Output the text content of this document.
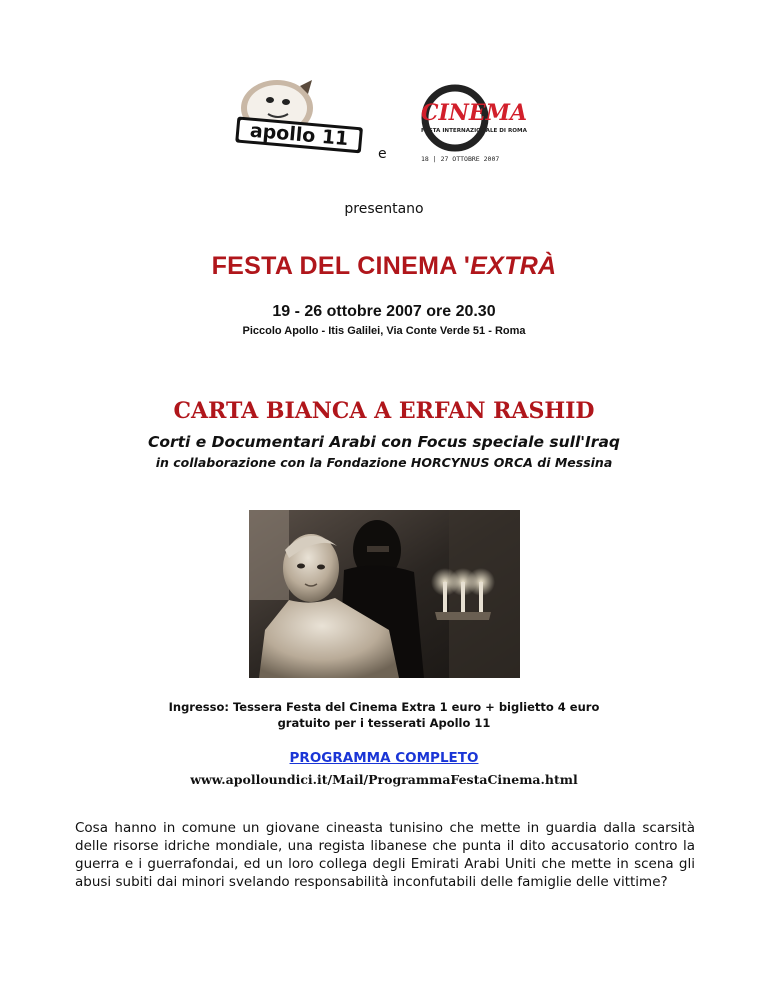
apollo 11
e
CINEMA
FESTA INTERNAZIONALE DI ROMA
18 | 27 OTTOBRE 2007
presentano
FESTA DEL CINEMA 'EXTRÀ
19 - 26 ottobre 2007 ore 20.30
Piccolo Apollo - Itis Galilei, Via Conte Verde 51 - Roma
CARTA BIANCA A ERFAN RASHID
Corti e Documentari Arabi con Focus speciale sull'Iraq
in collaborazione con la Fondazione HORCYNUS ORCA di Messina
Ingresso: Tessera Festa del Cinema Extra 1 euro + biglietto 4 euro
gratuito per i tesserati Apollo 11
PROGRAMMA COMPLETO
www.apolloundici.it/Mail/ProgrammaFestaCinema.html
Cosa hanno in comune un giovane cineasta tunisino che mette in guardia dalla scarsità delle risorse idriche mondiale, una regista libanese che punta il dito accusatorio contro la guerra e i guerrafondai, ed un loro collega degli Emirati Arabi Uniti che mette in scena gli abusi subiti dai minori svelando responsabilità inconfutabili delle famiglie delle vittime?
